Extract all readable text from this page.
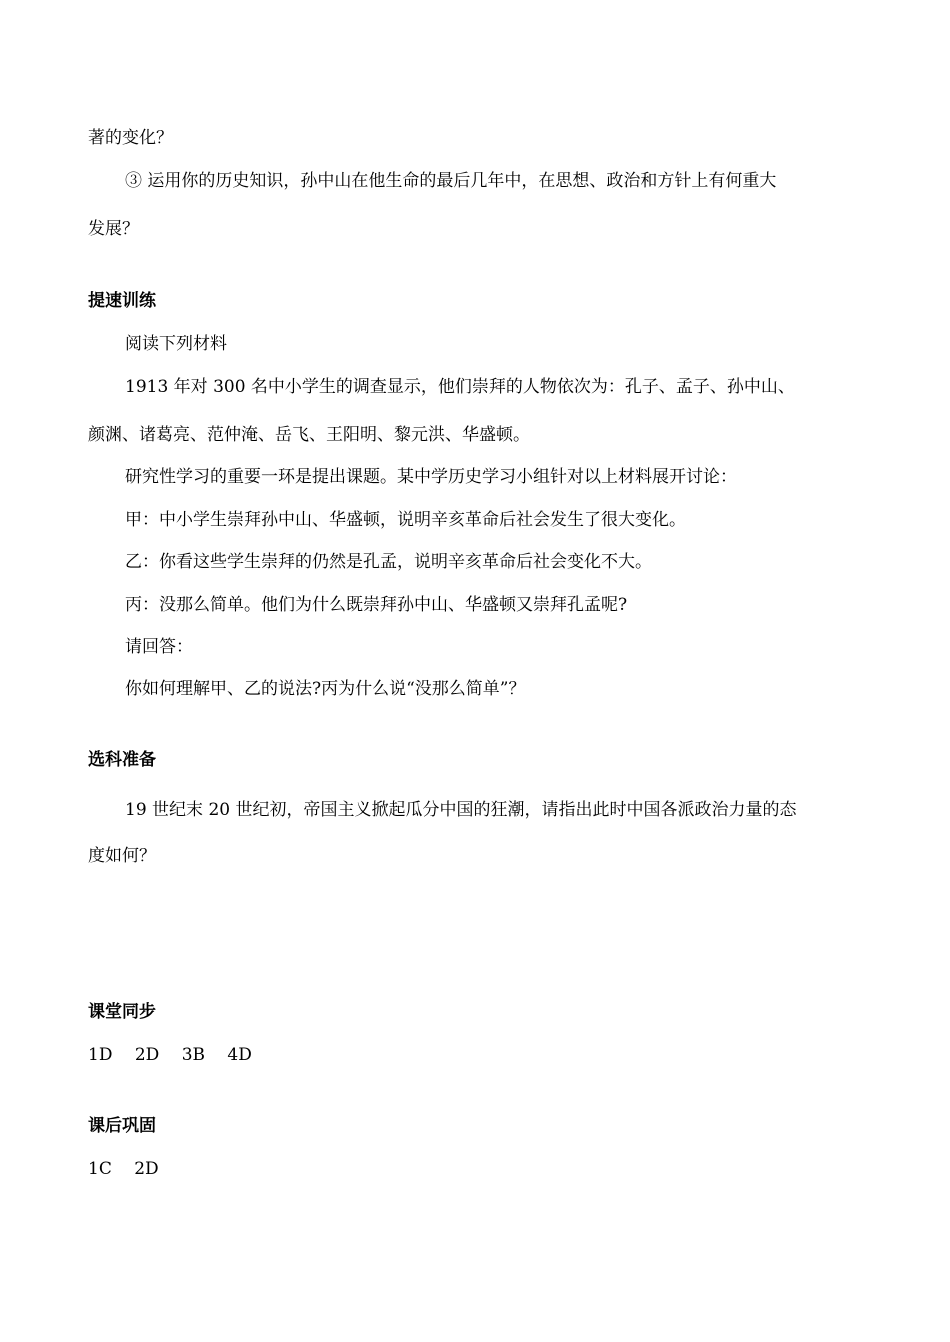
著的变化？
③ 运用你的历史知识，孙中山在他生命的最后几年中，在思想、政治和方针上有何重大
发展？
提速训练
阅读下列材料
1913 年对 300 名中小学生的调查显示，他们崇拜的人物依次为：孔子、孟子、孙中山、
颜渊、诸葛亮、范仲淹、岳飞、王阳明、黎元洪、华盛顿。
研究性学习的重要一环是提出课题。某中学历史学习小组针对以上材料展开讨论：
甲：中小学生崇拜孙中山、华盛顿，说明辛亥革命后社会发生了很大变化。
乙：你看这些学生崇拜的仍然是孔孟，说明辛亥革命后社会变化不大。
丙：没那么简单。他们为什么既崇拜孙中山、华盛顿又崇拜孔孟呢?
请回答：
你如何理解甲、乙的说法?丙为什么说“没那么简单”？
选科准备
19 世纪末 20 世纪初，帝国主义掀起瓜分中国的狂潮，请指出此时中国各派政治力量的态
度如何？
课堂同步
1D　 2D　 3B　 4D
课后巩固
1C　 2D
